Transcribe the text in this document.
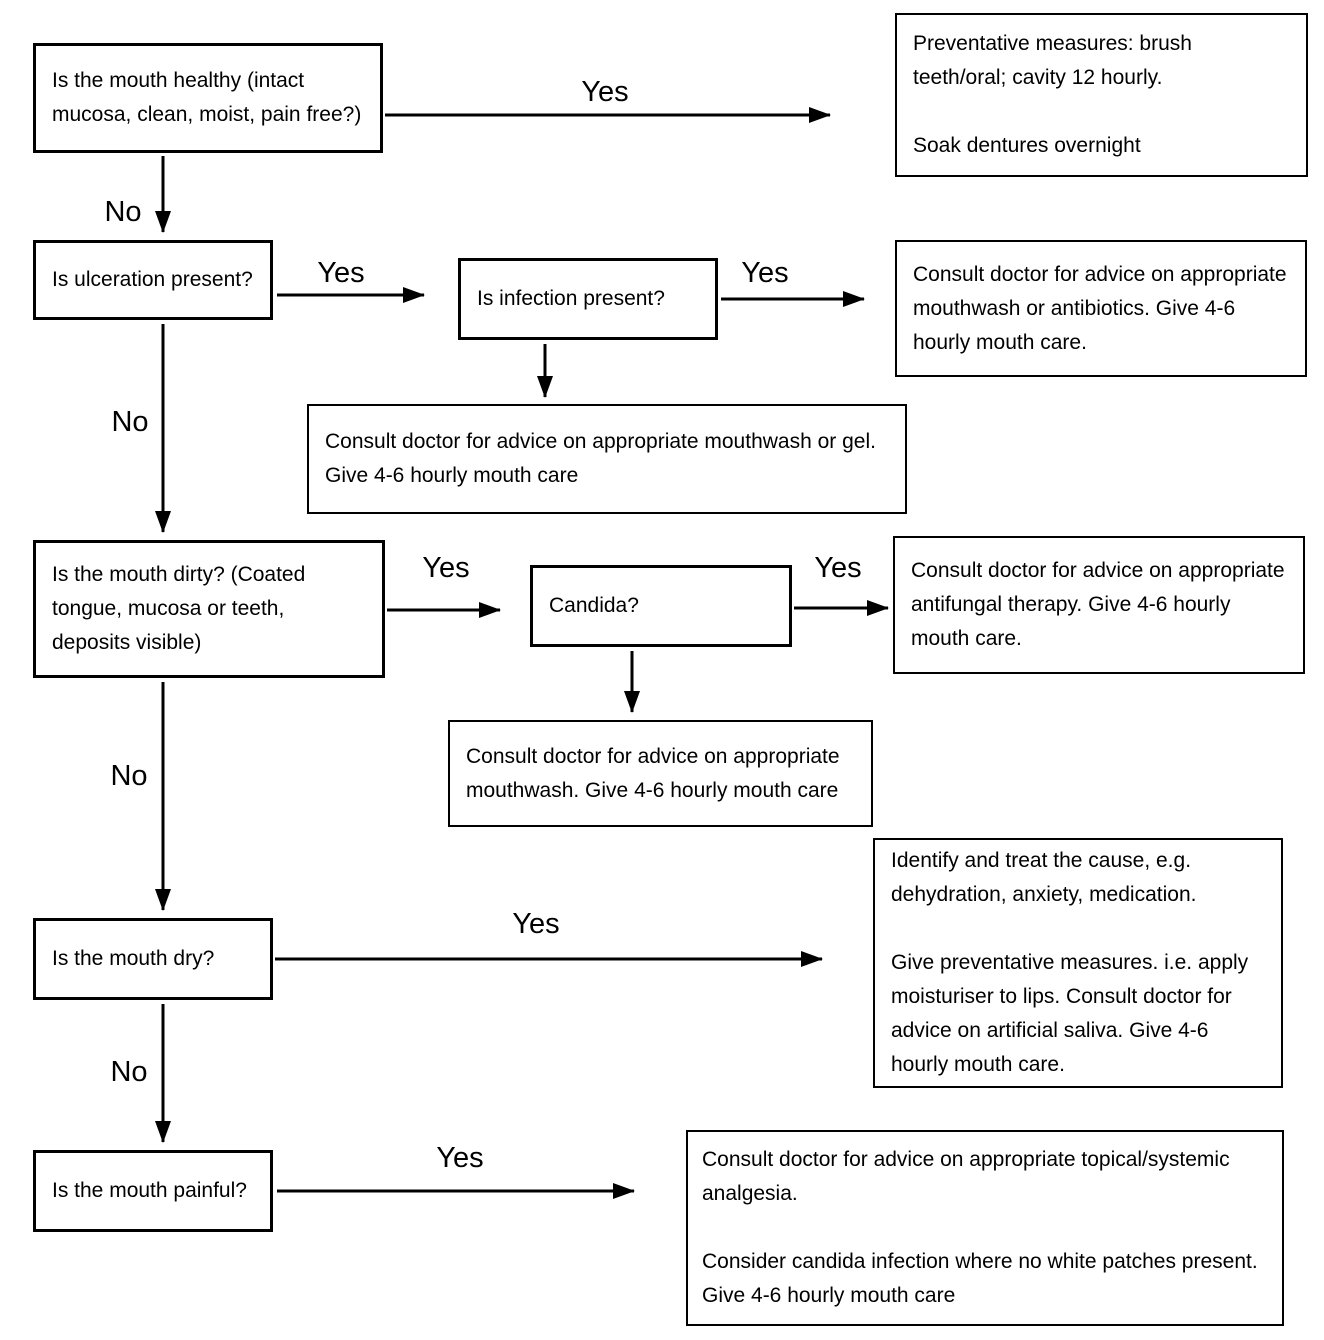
Is the mouth healthy (intact mucosa, clean, moist, pain free?)

Is ulceration present?

Is infection present?

Is the mouth dirty? (Coated tongue, mucosa or teeth, deposits visible)

Candida?

Is the mouth dry?

Is the mouth painful?

Preventative measures: brush teeth/oral; cavity 12 hourly.

Soak dentures overnight

Consult doctor for advice on appropriate mouthwash or antibiotics. Give 4-6 hourly mouth care.

Consult doctor for advice on appropriate mouthwash or gel. Give 4-6 hourly mouth care

Consult doctor for advice on appropriate antifungal therapy. Give 4-6 hourly mouth care.

Consult doctor for advice on appropriate mouthwash. Give 4-6 hourly mouth care

Identify and treat the cause, e.g. dehydration, anxiety, medication.

Give preventative measures. i.e. apply moisturiser to lips. Consult doctor for advice on artificial saliva. Give 4-6 hourly mouth care.

Consult doctor for advice on appropriate topical/systemic analgesia.

Consider candida infection where no white patches present. Give 4-6 hourly mouth care

Yes
No
Yes	Yes
No
Yes	Yes
No
Yes
No
Yes
